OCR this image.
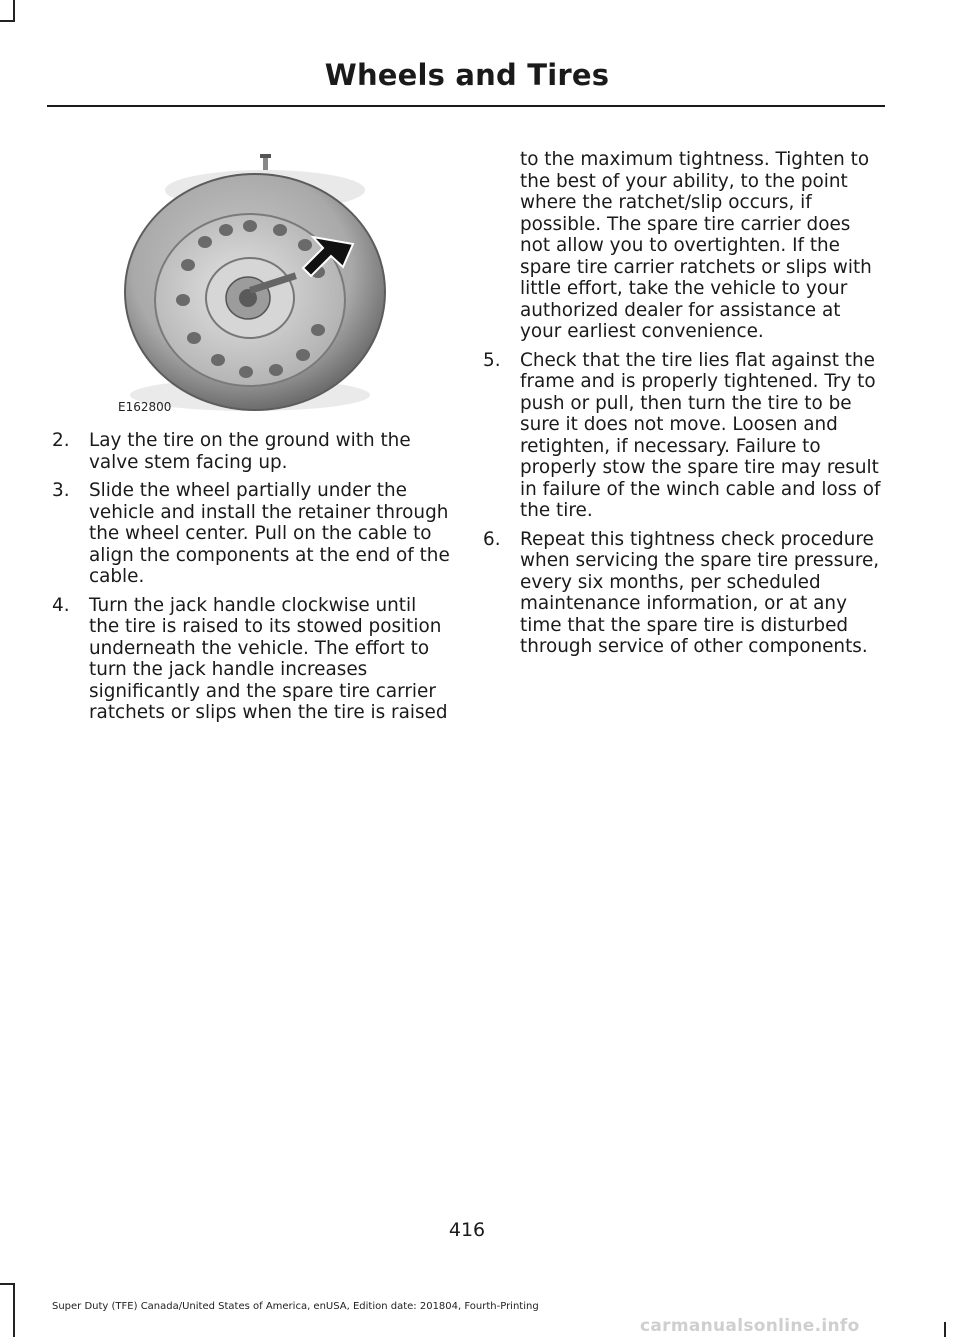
Wheels and Tires
E162800
2. Lay the tire on the ground with the valve stem facing up.
3. Slide the wheel partially under the vehicle and install the retainer through the wheel center. Pull on the cable to align the components at the end of the cable.
4. Turn the jack handle clockwise until the tire is raised to its stowed position underneath the vehicle. The effort to turn the jack handle increases significantly and the spare tire carrier ratchets or slips when the tire is raised

to the maximum tightness. Tighten to the best of your ability, to the point where the ratchet/slip occurs, if possible. The spare tire carrier does not allow you to overtighten. If the spare tire carrier ratchets or slips with little effort, take the vehicle to your authorized dealer for assistance at your earliest convenience.

5. Check that the tire lies flat against the frame and is properly tightened. Try to push or pull, then turn the tire to be sure it does not move. Loosen and retighten, if necessary. Failure to properly stow the spare tire may result in failure of the winch cable and loss of the tire.
6. Repeat this tightness check procedure when servicing the spare tire pressure, every six months, per scheduled maintenance information, or at any time that the spare tire is disturbed through service of other components.
416
Super Duty (TFE) Canada/United States of America, enUSA, Edition date: 201804, Fourth-Printing
carmanualsonline.info
